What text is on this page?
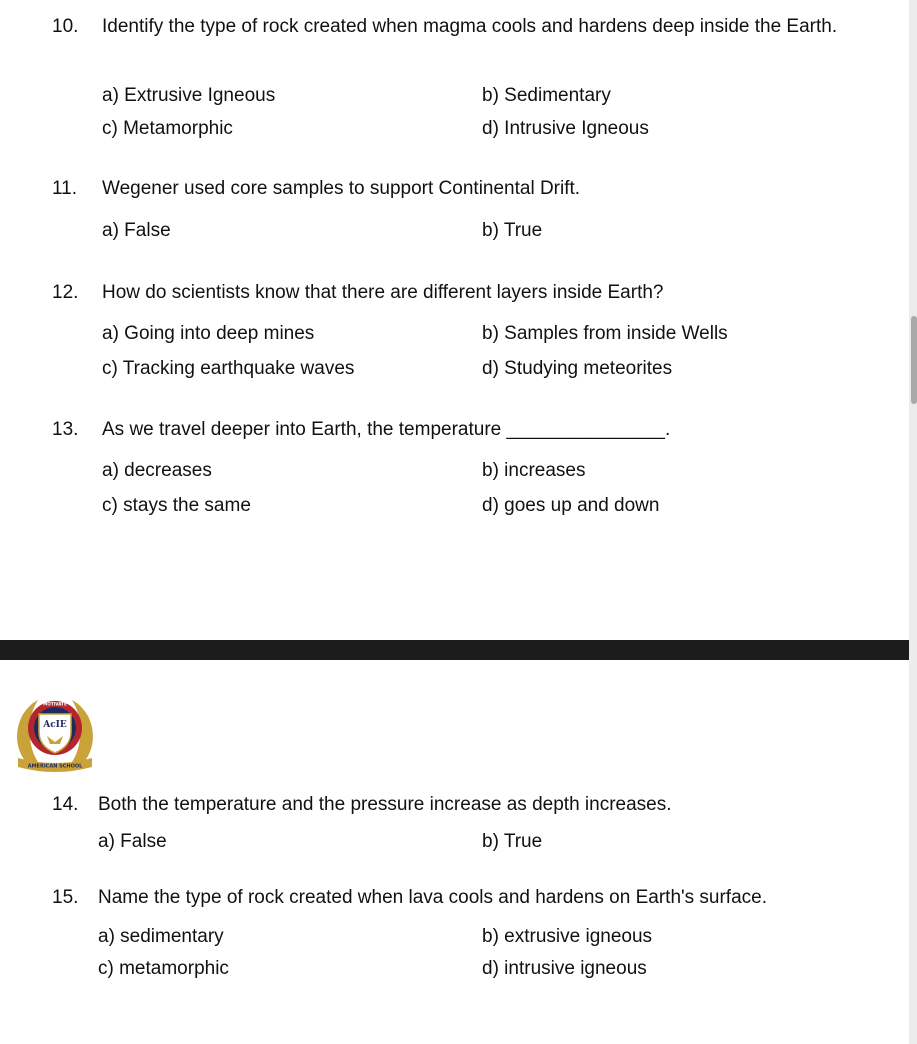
10. Identify the type of rock created when magma cools and hardens deep inside the Earth.
a) Extrusive Igneous	b) Sedimentary
c) Metamorphic	d) Intrusive Igneous
11. Wegener used core samples to support Continental Drift.
a) False	b) True
12. How do scientists know that there are different layers inside Earth?
a) Going into deep mines	b) Samples from inside Wells
c) Tracking earthquake waves	d) Studying meteorites
13. As we travel deeper into Earth, the temperature _______________.
a) decreases	b) increases
c) stays the same	d) goes up and down
AcIE
MOTIVATE
AMERICAN SCHOOL
14. Both the temperature and the pressure increase as depth increases.
a) False	b) True
15. Name the type of rock created when lava cools and hardens on Earth's surface.
a) sedimentary	b) extrusive igneous
c) metamorphic	d) intrusive igneous
